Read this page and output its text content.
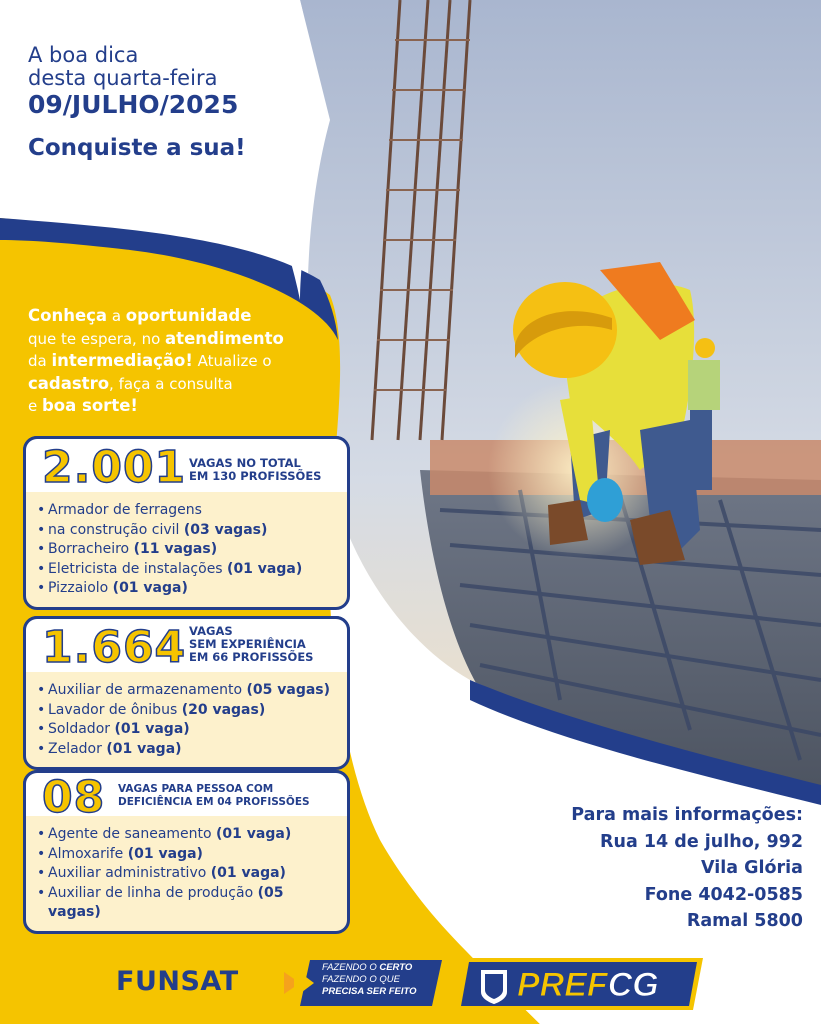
A boa dica
desta quarta-feira
09/JULHO/2025
Conquiste a sua!
Conheça a oportunidade
que te espera, no atendimento
da intermediação! Atualize o
cadastro, faça a consulta
e boa sorte!
2.001 VAGAS NO TOTAL
EM 130 PROFISSÕES
• Armador de ferragens
• na construção civil (03 vagas)
• Borracheiro (11 vagas)
• Eletricista de instalações (01 vaga)
• Pizzaiolo (01 vaga)
1.664 VAGAS
SEM EXPERIÊNCIA
EM 66 PROFISSÕES
• Auxiliar de armazenamento (05 vagas)
• Lavador de ônibus (20 vagas)
• Soldador (01 vaga)
• Zelador (01 vaga)
08 VAGAS PARA PESSOA COM
DEFICIÊNCIA EM 04 PROFISSÕES
• Agente de saneamento (01 vaga)
• Almoxarife (01 vaga)
• Auxiliar administrativo (01 vaga)
• Auxiliar de linha de produção (05 vagas)
Para mais informações:
Rua 14 de julho, 992
Vila Glória
Fone 4042-0585
Ramal 5800
FUNSAT	FAZENDO O CERTO
FAZENDO O QUE
PRECISA SER FEITO	PREFCG
